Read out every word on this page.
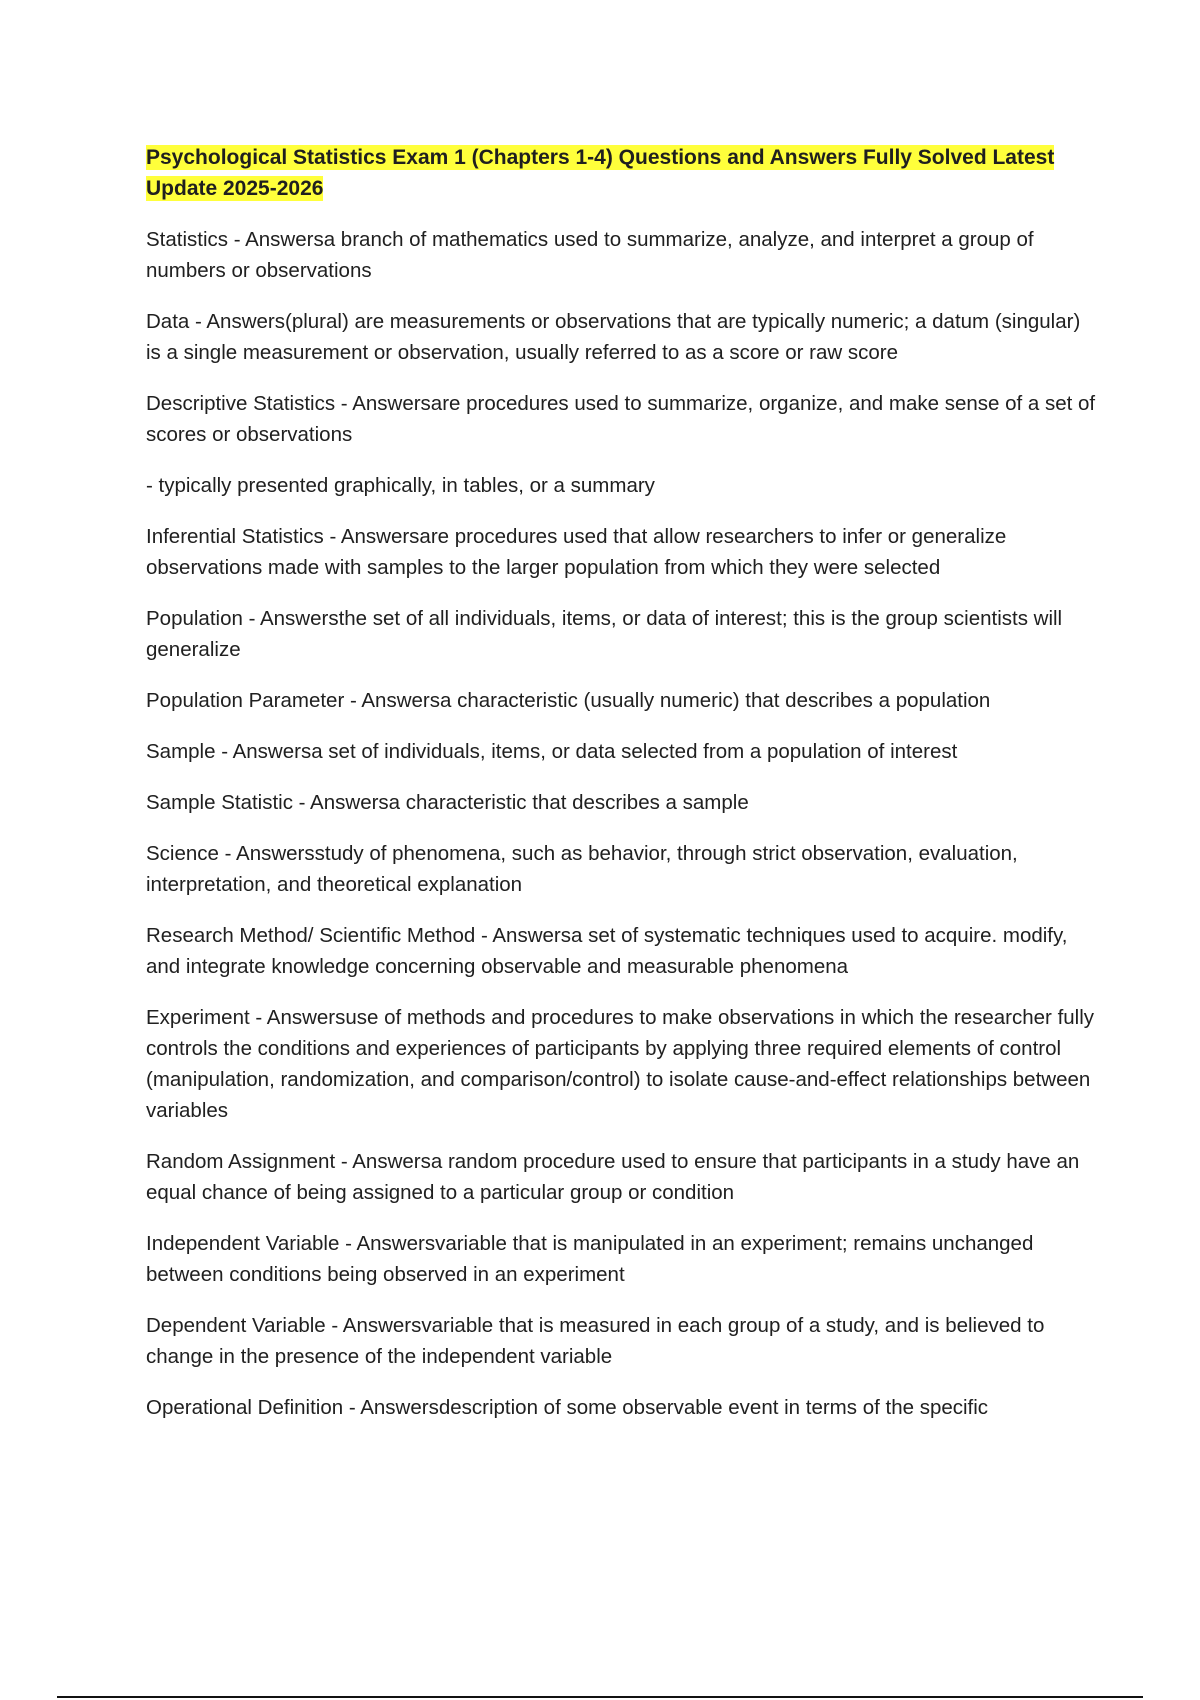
Psychological Statistics Exam 1 (Chapters 1-4) Questions and Answers Fully Solved Latest Update 2025-2026

Statistics - Answersa branch of mathematics used to summarize, analyze, and interpret a group of numbers or observations

Data - Answers(plural) are measurements or observations that are typically numeric; a datum (singular) is a single measurement or observation, usually referred to as a score or raw score

Descriptive Statistics - Answersare procedures used to summarize, organize, and make sense of a set of scores or observations

- typically presented graphically, in tables, or a summary

Inferential Statistics - Answersare procedures used that allow researchers to infer or generalize observations made with samples to the larger population from which they were selected

Population - Answersthe set of all individuals, items, or data of interest; this is the group scientists will generalize

Population Parameter - Answersa characteristic (usually numeric) that describes a population

Sample - Answersa set of individuals, items, or data selected from a population of interest

Sample Statistic - Answersa characteristic that describes a sample

Science - Answersstudy of phenomena, such as behavior, through strict observation, evaluation, interpretation, and theoretical explanation

Research Method/ Scientific Method - Answersa set of systematic techniques used to acquire. modify, and integrate knowledge concerning observable and measurable phenomena

Experiment - Answersuse of methods and procedures to make observations in which the researcher fully controls the conditions and experiences of participants by applying three required elements of control (manipulation, randomization, and comparison/control) to isolate cause-and-effect relationships between variables

Random Assignment - Answersa random procedure used to ensure that participants in a study have an equal chance of being assigned to a particular group or condition

Independent Variable - Answersvariable that is manipulated in an experiment; remains unchanged between conditions being observed in an experiment

Dependent Variable - Answersvariable that is measured in each group of a study, and is believed to change in the presence of the independent variable

Operational Definition - Answersdescription of some observable event in terms of the specific
